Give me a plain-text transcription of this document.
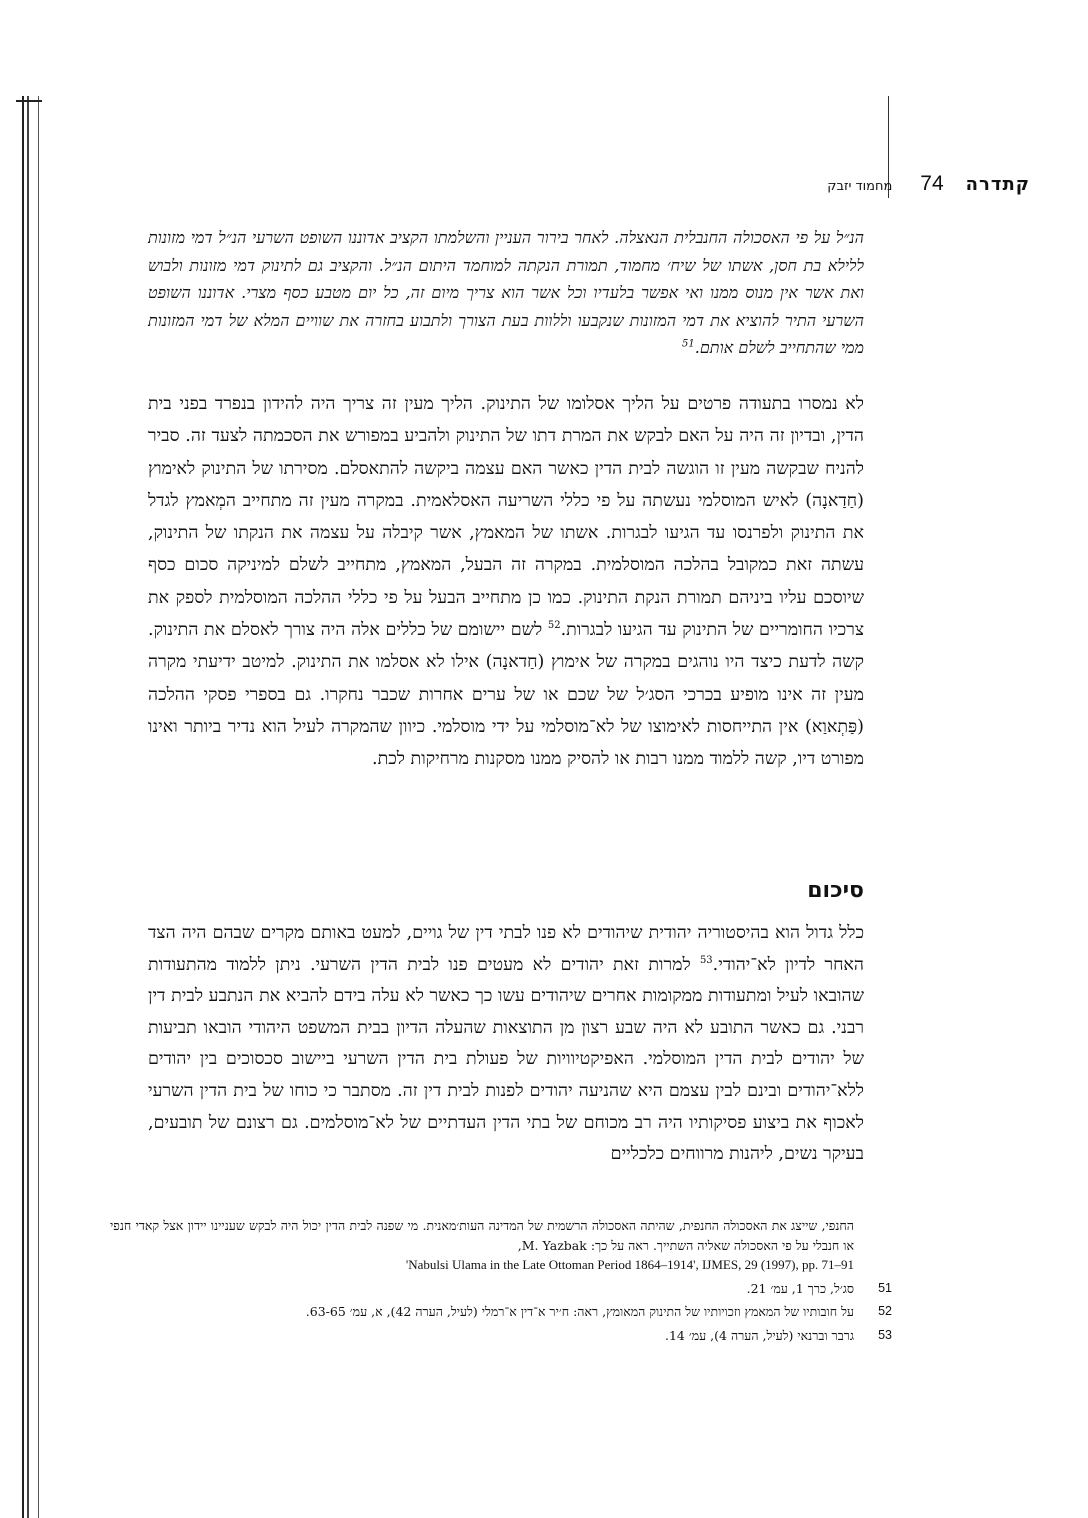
קתדרה
74
מחמוד יזבק
הנ״ל על פי האסכולה החנבלית הנאצלה. לאחר בירור העניין והשלמתו הקציב אדוננו השופט השרעי הנ״ל דמי מזונות ללילא בת חסן, אשתו של שיח׳ מחמוד, תמורת הנקתה למוחמד היתום הנ״ל. והקציב גם לתינוק דמי מזונות ולבוש ואת אשר אין מנוס ממנו ואי אפשר בלעדיו וכל אשר הוא צריך מיום זה, כל יום מטבע כסף מצרי. אדוננו השופט השרעי התיר להוציא את דמי המזונות שנקבעו וללוות בעת הצורך ולתבוע בחזרה את שוויים המלא של דמי המזונות ממי שהתחייב לשלם אותם.$^{51}$
לא נמסרו בתעודה פרטים על הליך אסלומו של התינוק. הליך מעין זה צריך היה להידון בנפרד בפני בית הדין, ובדיון זה היה על האם לבקש את המרת דתו של התינוק ולהביע במפורש את הסכמתה לצעד זה. סביר להניח שבקשה מעין זו הוגשה לבית הדין כאשר האם עצמה ביקשה להתאסלם. מסירתו של התינוק לאימוץ (חַדַאנָה) לאיש המוסלמי נעשתה על פי כללי השריעה האסלאמית. במקרה מעין זה מתחייב המְאמץ לגדל את התינוק ולפרנסו עד הגיעו לבגרות. אשתו של המאמץ, אשר קיבלה על עצמה את הנקתו של התינוק, עשתה זאת כמקובל בהלכה המוסלמית. במקרה זה הבעל, המאמץ, מתחייב לשלם למיניקה סכום כסף שיוסכם עליו ביניהם תמורת הנקת התינוק. כמו כן מתחייב הבעל על פי כללי ההלכה המוסלמית לספק את צרכיו החומריים של התינוק עד הגיעו לבגרות.$^{52}$ לשם יישומם של כללים אלה היה צורך לאסלם את התינוק. קשה לדעת כיצד היו נוהגים במקרה של אימוץ (חַדאנָה) אילו לא אסלמו את התינוק. למיטב ידיעתי מקרה מעין זה אינו מופיע בכרכי הסג׳ל של שכם או של ערים אחרות שכבר נחקרו. גם בספרי פסקי ההלכה (פַּתְאוַא) אין התייחסות לאימוצו של לא־מוסלמי על ידי מוסלמי. כיוון שהמקרה לעיל הוא נדיר ביותר ואינו מפורט דיו, קשה ללמוד ממנו רבות או להסיק ממנו מסקנות מרחיקות לכת.
סיכום
כלל גדול הוא בהיסטוריה יהודית שיהודים לא פנו לבתי דין של גויים, למעט באותם מקרים שבהם היה הצד האחר לדיון לא־יהודי.$^{53}$ למרות זאת יהודים לא מעטים פנו לבית הדין השרעי. ניתן ללמוד מהתעודות שהובאו לעיל ומתעודות ממקומות אחרים שיהודים עשו כך כאשר לא עלה בידם להביא את הנתבע לבית דין רבני. גם כאשר התובע לא היה שבע רצון מן התוצאות שהעלה הדיון בבית המשפט היהודי הובאו תביעות של יהודים לבית הדין המוסלמי. האפיקטיוויות של פעולת בית הדין השרעי ביישוב סכסוכים בין יהודים ללא־יהודים ובינם לבין עצמם היא שהניעה יהודים לפנות לבית דין זה. מסתבר כי כוחו של בית הדין השרעי לאכוף את ביצוע פסיקותיו היה רב מכוחם של בתי הדין העדתיים של לא־מוסלמים. גם רצונם של תובעים, בעיקר נשים, ליהנות מרווחים כלכליים
החנפי, שייצג את האסכולה החנפית, שהיתה האסכולה הרשמית של המדינה העות׳מאנית. מי שפנה לבית הדין יכול היה לבקש שעניינו יידון אצל קאדי חנפי או חנבלי על פי האסכולה שאליה השתייך. ראה על כך: M. Yazbak,
'Nabulsi Ulama in the Late Ottoman Period 1864–1914', IJMES, 29 (1997), pp. 71–91
51
סג׳ל, כרך 1, עמ׳ 21.
52
על חובותיו של המאמץ וזכויותיו של התינוק המאומץ, ראה: ח׳יר א־דין א־רמלי (לעיל, הערה 42), א, עמ׳ 63-65.
53
גרבר וברנאי (לעיל, הערה 4), עמ׳ 14.
